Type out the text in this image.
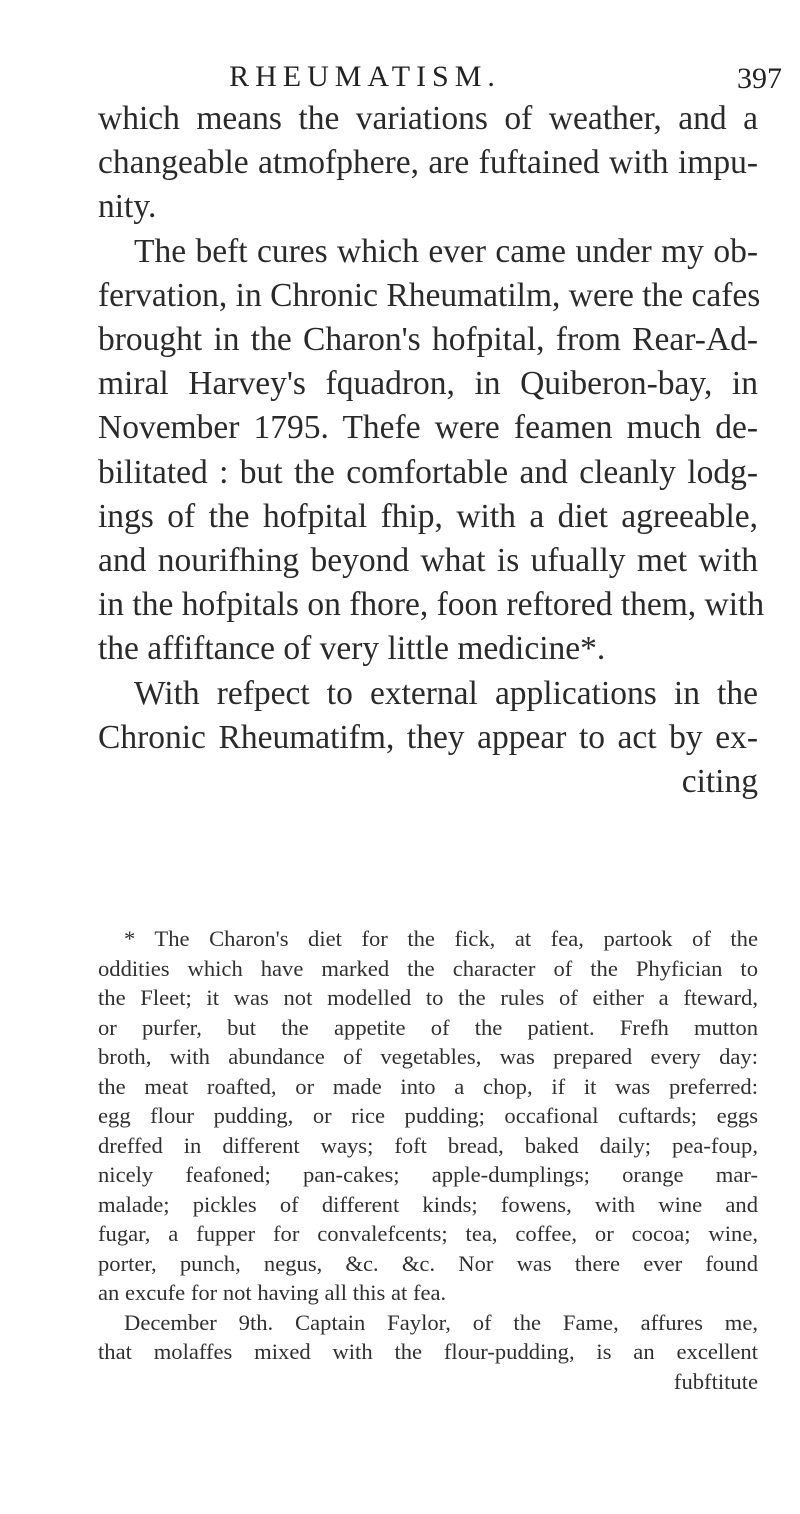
RHEUMATISM.	397
which means the variations of weather, and a
changeable atmofphere, are fuftained with impu-
nity.
The beft cures which ever came under my ob-
fervation, in Chronic Rheumatilm, were the cafes
brought in the Charon's hofpital, from Rear-Ad-
miral Harvey's fquadron, in Quiberon-bay, in
November 1795. Thefe were feamen much de-
bilitated : but the comfortable and cleanly lodg-
ings of the hofpital fhip, with a diet agreeable,
and nourifhing beyond what is ufually met with
in the hofpitals on fhore, foon reftored them, with
the affiftance of very little medicine*.
With refpect to external applications in the
Chronic Rheumatifm, they appear to act by ex-
citing
* The Charon's diet for the fick, at fea, partook of the
oddities which have marked the character of the Phyfician to
the Fleet; it was not modelled to the rules of either a fteward,
or purfer, but the appetite of the patient. Frefh mutton
broth, with abundance of vegetables, was prepared every day:
the meat roafted, or made into a chop, if it was preferred:
egg flour pudding, or rice pudding; occafional cuftards; eggs
dreffed in different ways; foft bread, baked daily; pea-foup,
nicely feafoned; pan-cakes; apple-dumplings; orange mar-
malade; pickles of different kinds; fowens, with wine and
fugar, a fupper for convalefcents; tea, coffee, or cocoa; wine,
porter, punch, negus, &c. &c. Nor was there ever found
an excufe for not having all this at fea.
December 9th. Captain Faylor, of the Fame, affures me,
that molaffes mixed with the flour-pudding, is an excellent
fubftitute
